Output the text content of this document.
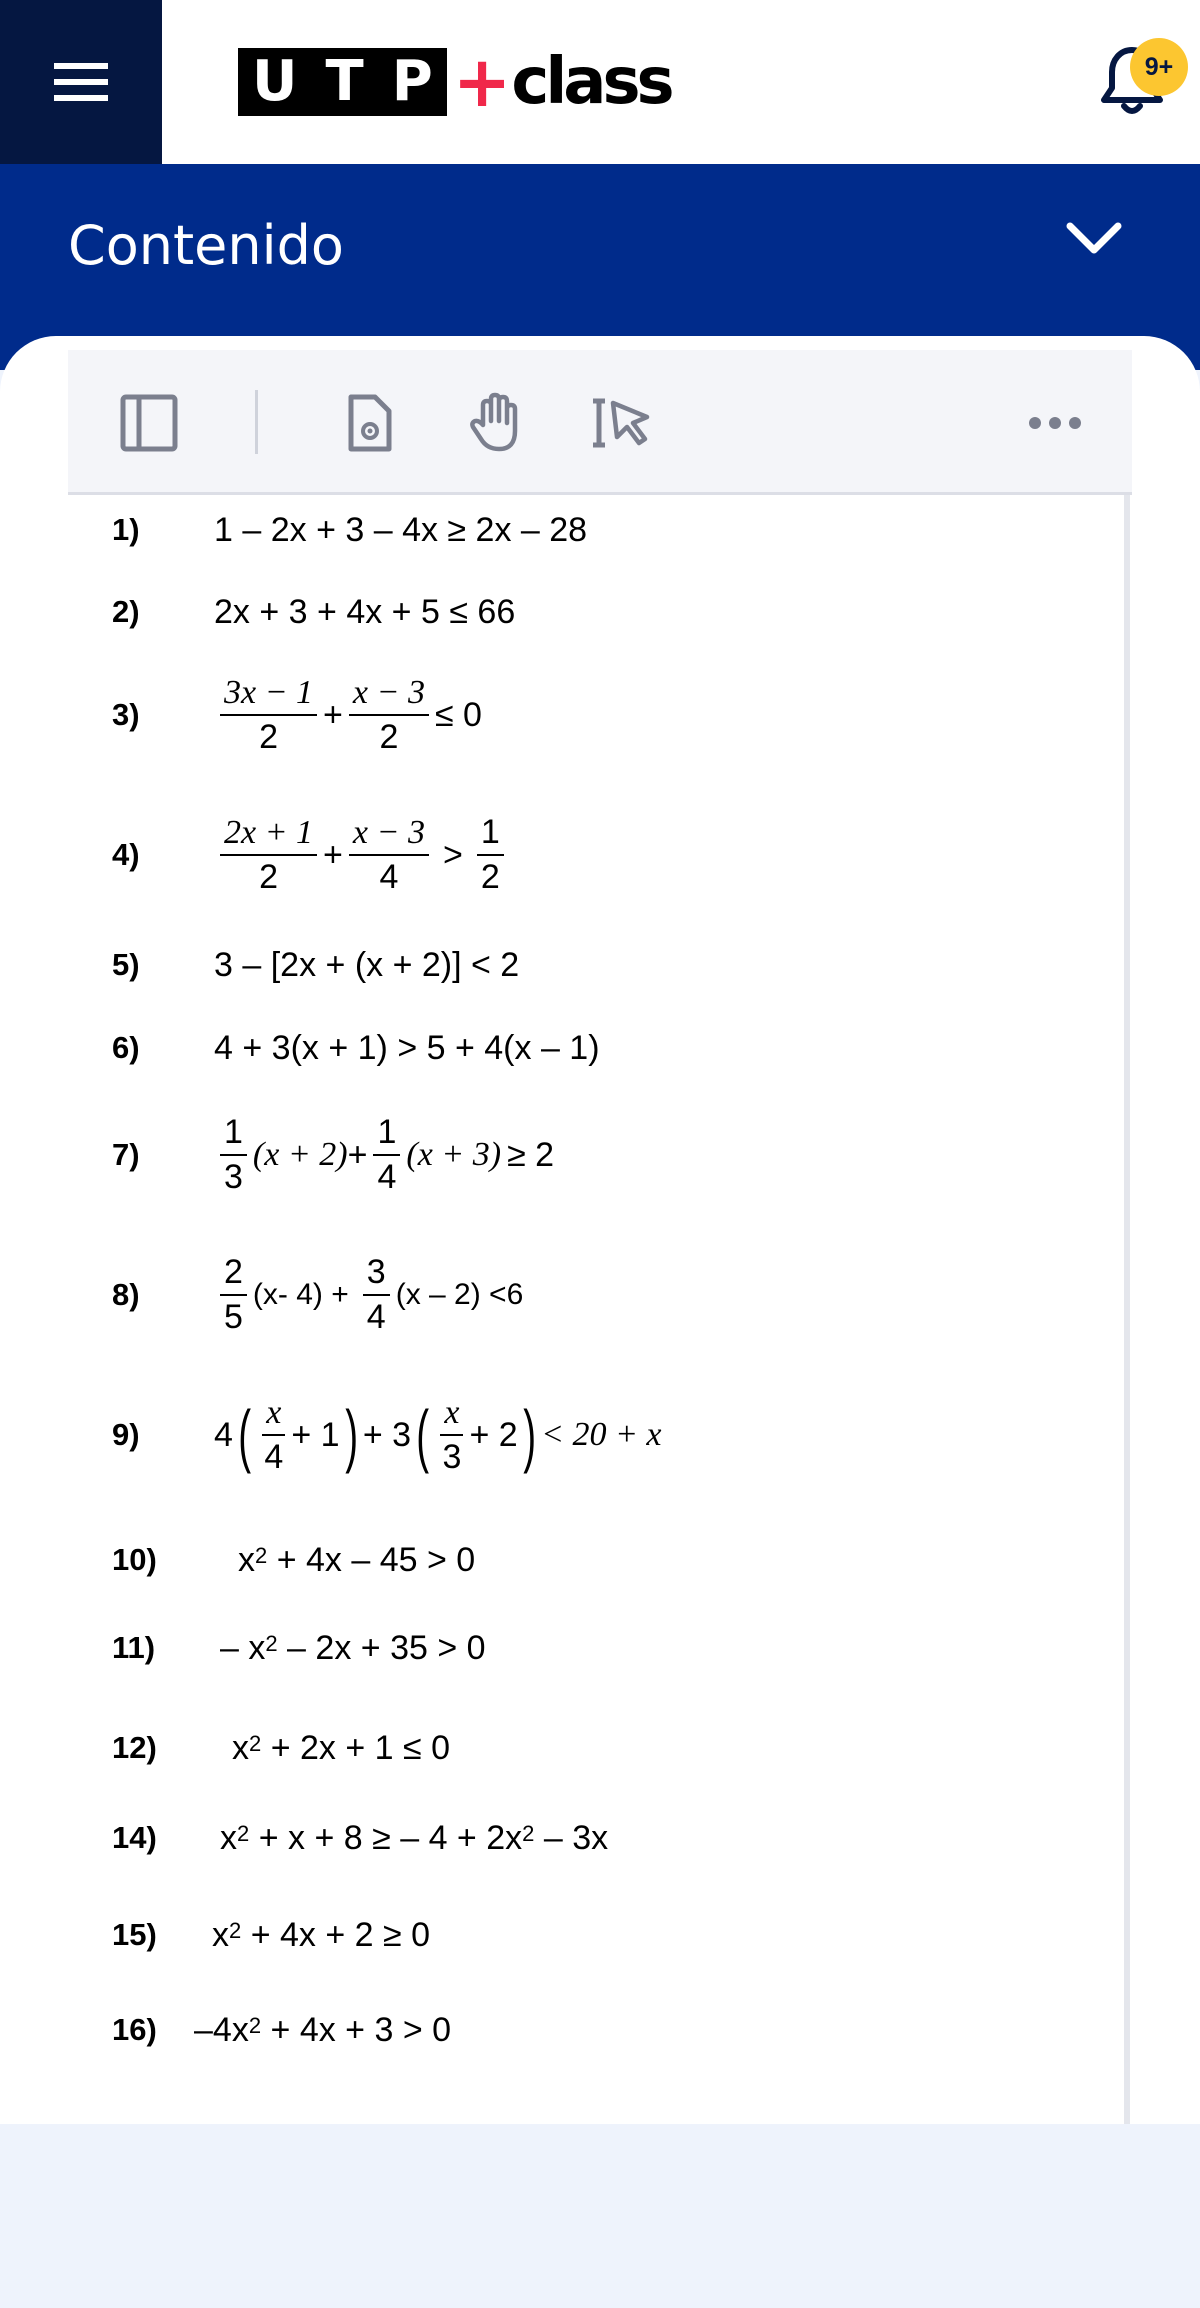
U T P + class	9+
Contenido
1) 1 – 2x + 3 – 4x ≥ 2x – 28
2) 2x + 3 + 4x + 5 ≤ 66
$3) \frac{3x - 1}{2} + \frac{x - 3}{2} \le 0$
$4) \frac{2x + 1}{2} + \frac{x - 3}{4} > \frac{1}{2}$
5) 3 – [2x + (x + 2)] < 2
6) 4 + 3(x + 1) > 5 + 4(x – 1)
$7) \frac{1}{3} (x + 2) + \frac{1}{4} (x + 3) \ge 2$
$8) \frac{2}{5} (x-$ $4) + \frac{3}{4} (x - 2) <6$
9) 4 ( $\frac{x}{4} + 1$ ) + 3 ( $\frac{x}{3} + 2$ ) < 20 + x
10) $x^2 + 4x - 45 > 0$
$11) - x^2 - 2x + 35 > 0$
12) $x^2 + 2x + 1 \le 0$
14) $x^2 + x + 8$ ≥ – $4 + 2x^2 - 3x$
15) $x^2 + 4x + 2 \ge 0$
16) $-4x^2 + 4x + 3 > 0$
